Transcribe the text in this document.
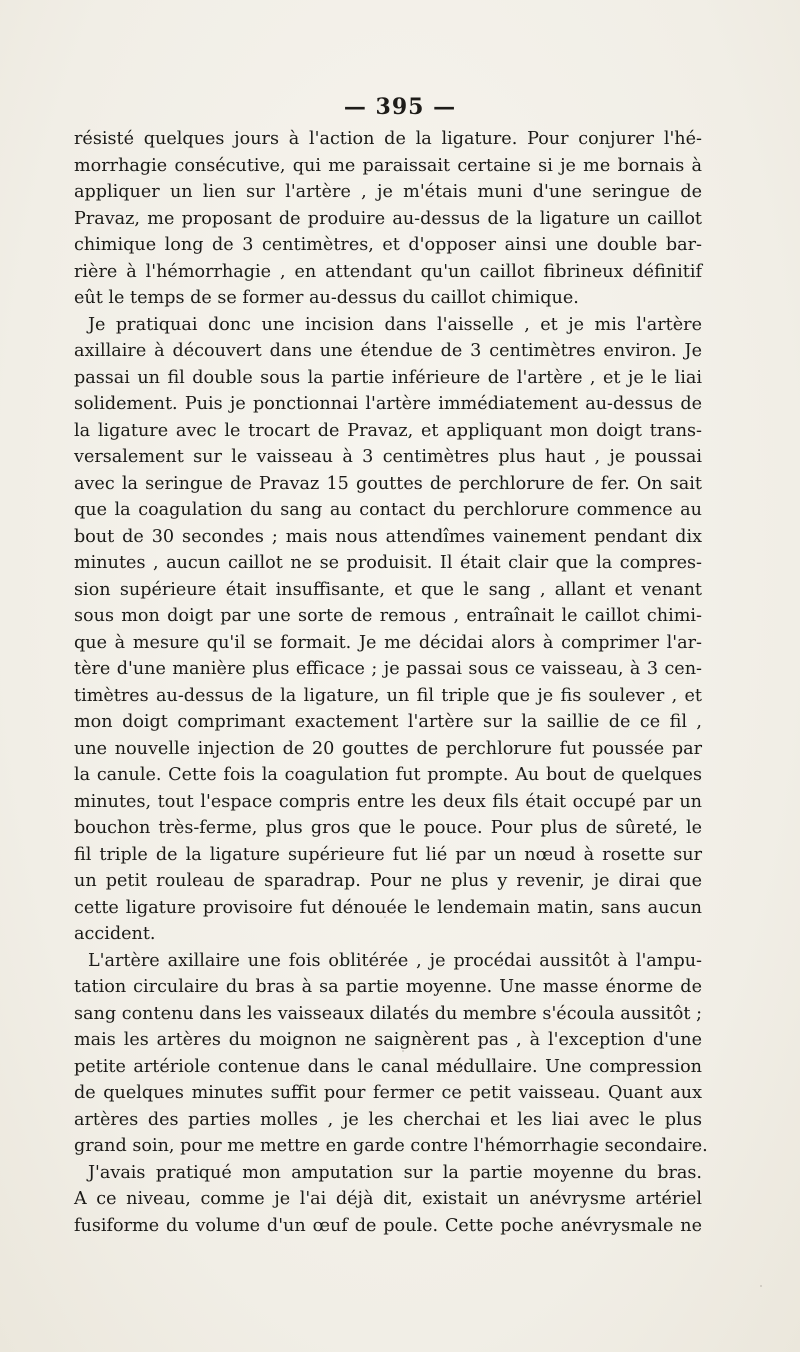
— 395 —
résisté quelques jours à l'action de la ligature. Pour conjurer l'hé-
morrhagie consécutive, qui me paraissait certaine si je me bornais à
appliquer un lien sur l'artère , je m'étais muni d'une seringue de
Pravaz, me proposant de produire au-dessus de la ligature un caillot
chimique long de 3 centimètres, et d'opposer ainsi une double bar-
rière à l'hémorrhagie , en attendant qu'un caillot fibrineux définitif
eût le temps de se former au-dessus du caillot chimique.
Je pratiquai donc une incision dans l'aisselle , et je mis l'artère
axillaire à découvert dans une étendue de 3 centimètres environ. Je
passai un fil double sous la partie inférieure de l'artère , et je le liai
solidement. Puis je ponctionnai l'artère immédiatement au-dessus de
la ligature avec le trocart de Pravaz, et appliquant mon doigt trans-
versalement sur le vaisseau à 3 centimètres plus haut , je poussai
avec la seringue de Pravaz 15 gouttes de perchlorure de fer. On sait
que la coagulation du sang au contact du perchlorure commence au
bout de 30 secondes ; mais nous attendîmes vainement pendant dix
minutes , aucun caillot ne se produisit. Il était clair que la compres-
sion supérieure était insuffisante, et que le sang , allant et venant
sous mon doigt par une sorte de remous , entraînait le caillot chimi-
que à mesure qu'il se formait. Je me décidai alors à comprimer l'ar-
tère d'une manière plus efficace ; je passai sous ce vaisseau, à 3 cen-
timètres au-dessus de la ligature, un fil triple que je fis soulever , et
mon doigt comprimant exactement l'artère sur la saillie de ce fil ,
une nouvelle injection de 20 gouttes de perchlorure fut poussée par
la canule. Cette fois la coagulation fut prompte. Au bout de quelques
minutes, tout l'espace compris entre les deux fils était occupé par un
bouchon très-ferme, plus gros que le pouce. Pour plus de sûreté, le
fil triple de la ligature supérieure fut lié par un nœud à rosette sur
un petit rouleau de sparadrap. Pour ne plus y revenir, je dirai que
cette ligature provisoire fut dénouée le lendemain matin, sans aucun
accident.
L'artère axillaire une fois oblitérée , je procédai aussitôt à l'ampu-
tation circulaire du bras à sa partie moyenne. Une masse énorme de
sang contenu dans les vaisseaux dilatés du membre s'écoula aussitôt ;
mais les artères du moignon ne saignèrent pas , à l'exception d'une
petite artériole contenue dans le canal médullaire. Une compression
de quelques minutes suffit pour fermer ce petit vaisseau. Quant aux
artères des parties molles , je les cherchai et les liai avec le plus
grand soin, pour me mettre en garde contre l'hémorrhagie secondaire.
J'avais pratiqué mon amputation sur la partie moyenne du bras.
A ce niveau, comme je l'ai déjà dit, existait un anévrysme artériel
fusiforme du volume d'un œuf de poule. Cette poche anévrysmale ne
